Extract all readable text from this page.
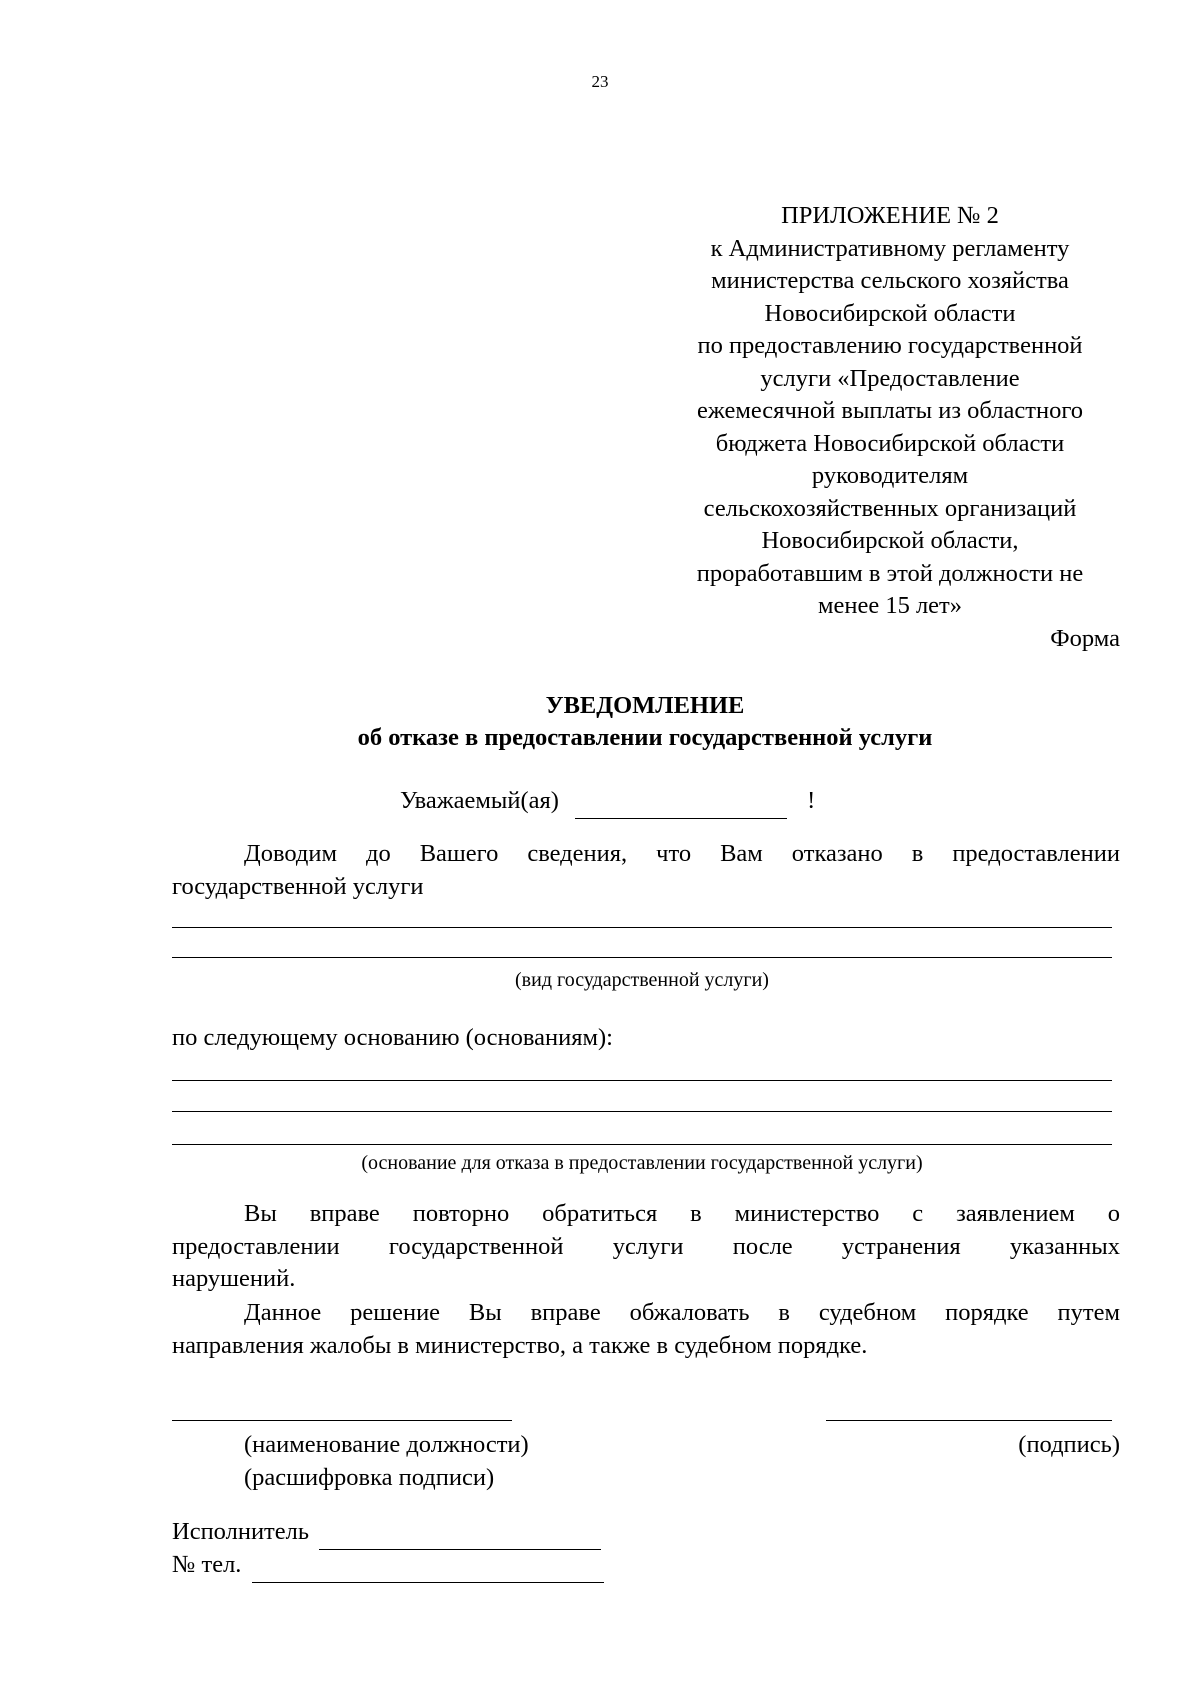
23
ПРИЛОЖЕНИЕ № 2
к Административному регламенту
министерства сельского хозяйства
Новосибирской области
по предоставлению государственной
услуги «Предоставление
ежемесячной выплаты из областного
бюджета Новосибирской области
руководителям
сельскохозяйственных организаций
Новосибирской области,
проработавшим в этой должности не
менее 15 лет»
Форма
УВЕДОМЛЕНИЕ
об отказе в предоставлении государственной услуги
Уважаемый(ая)	!
Доводим до Вашего сведения, что Вам отказано в предоставлении
государственной услуги
(вид государственной услуги)
по следующему основанию (основаниям):
(основание для отказа в предоставлении государственной услуги)
Вы вправе повторно обратиться в министерство с заявлением о
предоставлении государственной услуги после устранения указанных
нарушений.
Данное решение Вы вправе обжаловать в судебном порядке путем
направления жалобы в министерство, а также в судебном порядке.
(наименование должности)	(подпись)
(расшифровка подписи)
Исполнитель
№ тел.
